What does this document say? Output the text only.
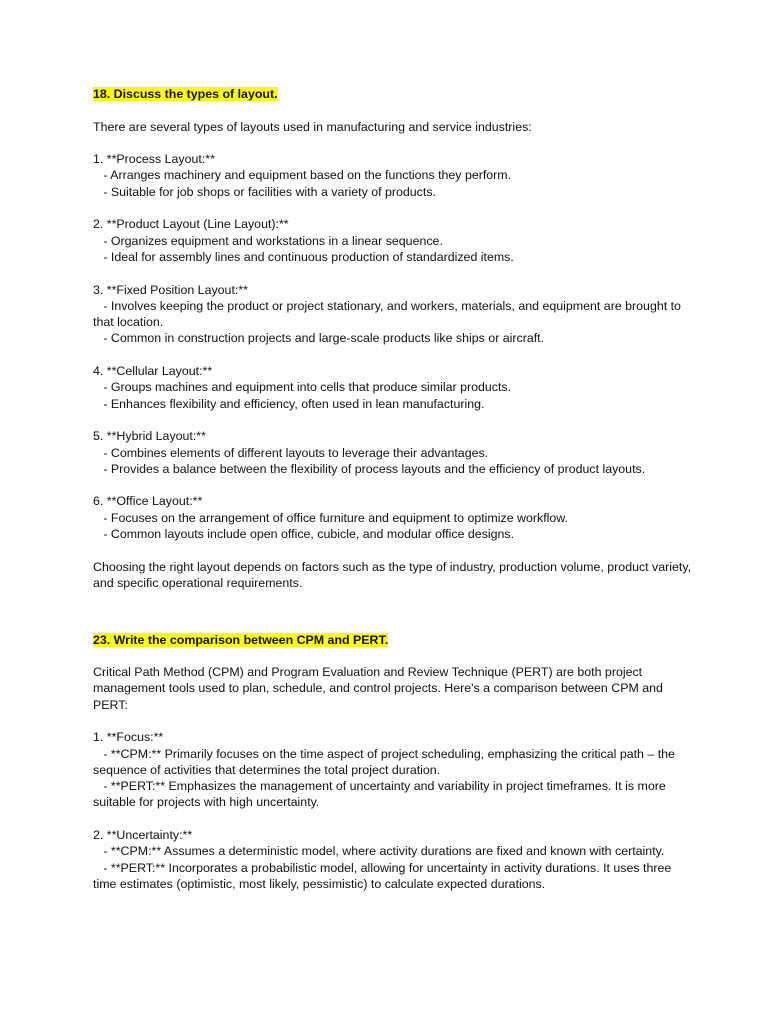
18. Discuss the types of layout.
There are several types of layouts used in manufacturing and service industries:
1. **Process Layout:**
- Arranges machinery and equipment based on the functions they perform.
- Suitable for job shops or facilities with a variety of products.
2. **Product Layout (Line Layout):**
- Organizes equipment and workstations in a linear sequence.
- Ideal for assembly lines and continuous production of standardized items.
3. **Fixed Position Layout:**
- Involves keeping the product or project stationary, and workers, materials, and equipment are brought to that location.
- Common in construction projects and large-scale products like ships or aircraft.
4. **Cellular Layout:**
- Groups machines and equipment into cells that produce similar products.
- Enhances flexibility and efficiency, often used in lean manufacturing.
5. **Hybrid Layout:**
- Combines elements of different layouts to leverage their advantages.
- Provides a balance between the flexibility of process layouts and the efficiency of product layouts.
6. **Office Layout:**
- Focuses on the arrangement of office furniture and equipment to optimize workflow.
- Common layouts include open office, cubicle, and modular office designs.
Choosing the right layout depends on factors such as the type of industry, production volume, product variety, and specific operational requirements.
23. Write the comparison between CPM and PERT.
Critical Path Method (CPM) and Program Evaluation and Review Technique (PERT) are both project management tools used to plan, schedule, and control projects. Here's a comparison between CPM and PERT:
1. **Focus:**
- **CPM:** Primarily focuses on the time aspect of project scheduling, emphasizing the critical path – the sequence of activities that determines the total project duration.
- **PERT:** Emphasizes the management of uncertainty and variability in project timeframes. It is more suitable for projects with high uncertainty.
2. **Uncertainty:**
- **CPM:** Assumes a deterministic model, where activity durations are fixed and known with certainty.
- **PERT:** Incorporates a probabilistic model, allowing for uncertainty in activity durations. It uses three time estimates (optimistic, most likely, pessimistic) to calculate expected durations.
